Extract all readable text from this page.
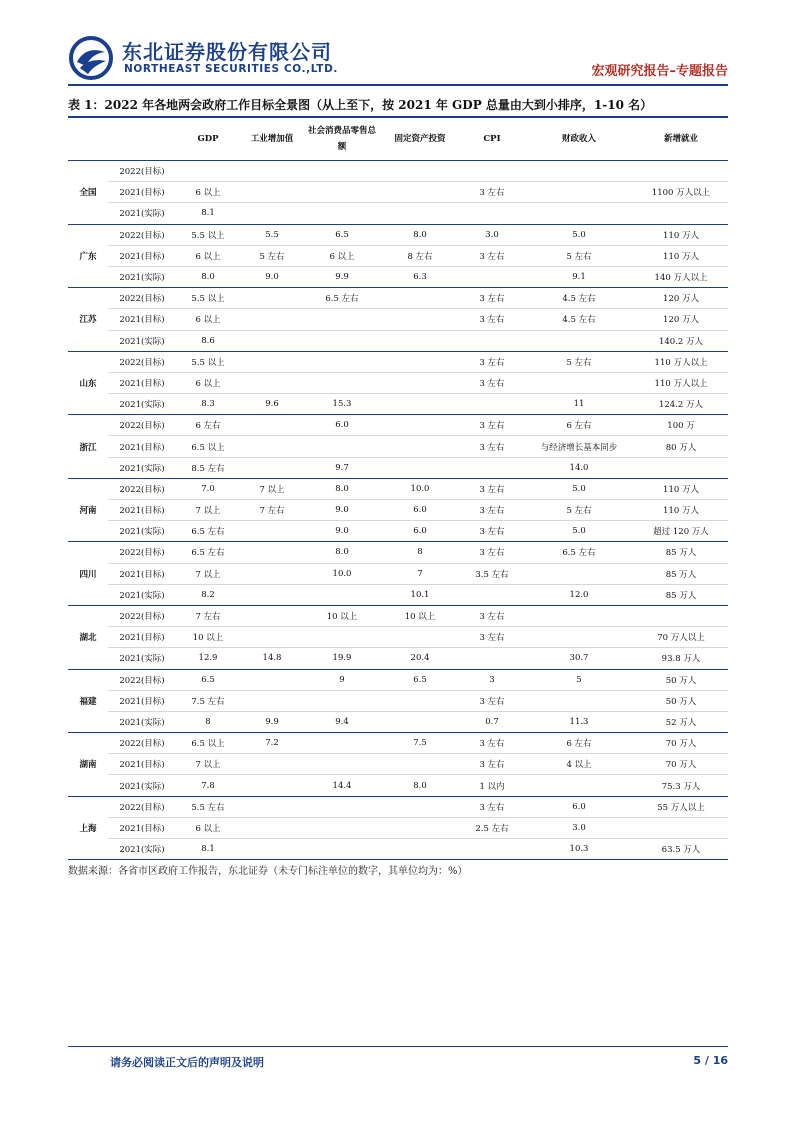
东北证券股份有限公司
NORTHEAST SECURITIES CO.,LTD.	宏观研究报告–专题报告
表 1：2022 年各地两会政府工作目标全景图（从上至下，按 2021 年 GDP 总量由大到小排序，1-10 名）
		GDP	工业增加值	社会消费品零售总额	固定资产投资	CPI	财政收入	新增就业
全国	2022(目标)							
	2021(目标)	6 以上				3 左右		1100 万人以上
	2021(实际)	8.1						
广东	2022(目标)	5.5 以上	5.5	6.5	8.0	3.0	5.0	110 万人
	2021(目标)	6 以上	5 左右	6 以上	8 左右	3 左右	5 左右	110 万人
	2021(实际)	8.0	9.0	9.9	6.3		9.1	140 万人以上
江苏	2022(目标)	5.5 以上		6.5 左右		3 左右	4.5 左右	120 万人
	2021(目标)	6 以上				3 左右	4.5 左右	120 万人
	2021(实际)	8.6						140.2 万人
山东	2022(目标)	5.5 以上				3 左右	5 左右	110 万人以上
	2021(目标)	6 以上				3 左右		110 万人以上
	2021(实际)	8.3	9.6	15.3			11	124.2 万人
浙江	2022(目标)	6 左右		6.0		3 左右	6 左右	100 万
	2021(目标)	6.5 以上				3 左右	与经济增长基本同步	80 万人
	2021(实际)	8.5 左右		9.7			14.0	
河南	2022(目标)	7.0	7 以上	8.0	10.0	3 左右	5.0	110 万人
	2021(目标)	7 以上	7 左右	9.0	6.0	3 左右	5 左右	110 万人
	2021(实际)	6.5 左右		9.0	6.0	3 左右	5.0	超过 120 万人
四川	2022(目标)	6.5 左右		8.0	8	3 左右	6.5 左右	85 万人
	2021(目标)	7 以上		10.0	7	3.5 左右		85 万人
	2021(实际)	8.2			10.1		12.0	85 万人
湖北	2022(目标)	7 左右		10 以上	10 以上	3 左右		
	2021(目标)	10 以上				3 左右		70 万人以上
	2021(实际)	12.9	14.8	19.9	20.4		30.7	93.8 万人
福建	2022(目标)	6.5		9	6.5	3	5	50 万人
	2021(目标)	7.5 左右				3 左右		50 万人
	2021(实际)	8	9.9	9.4		0.7	11.3	52 万人
湖南	2022(目标)	6.5 以上	7.2		7.5	3 左右	6 左右	70 万人
	2021(目标)	7 以上				3 左右	4 以上	70 万人
	2021(实际)	7.8		14.4	8.0	1 以内		75.3 万人
上海	2022(目标)	5.5 左右				3 左右	6.0	55 万人以上
	2021(目标)	6 以上				2.5 左右	3.0	
	2021(实际)	8.1					10.3	63.5 万人
数据来源：各省市区政府工作报告，东北证券（未专门标注单位的数字，其单位均为：%）
请务必阅读正文后的声明及说明	5 / 16
